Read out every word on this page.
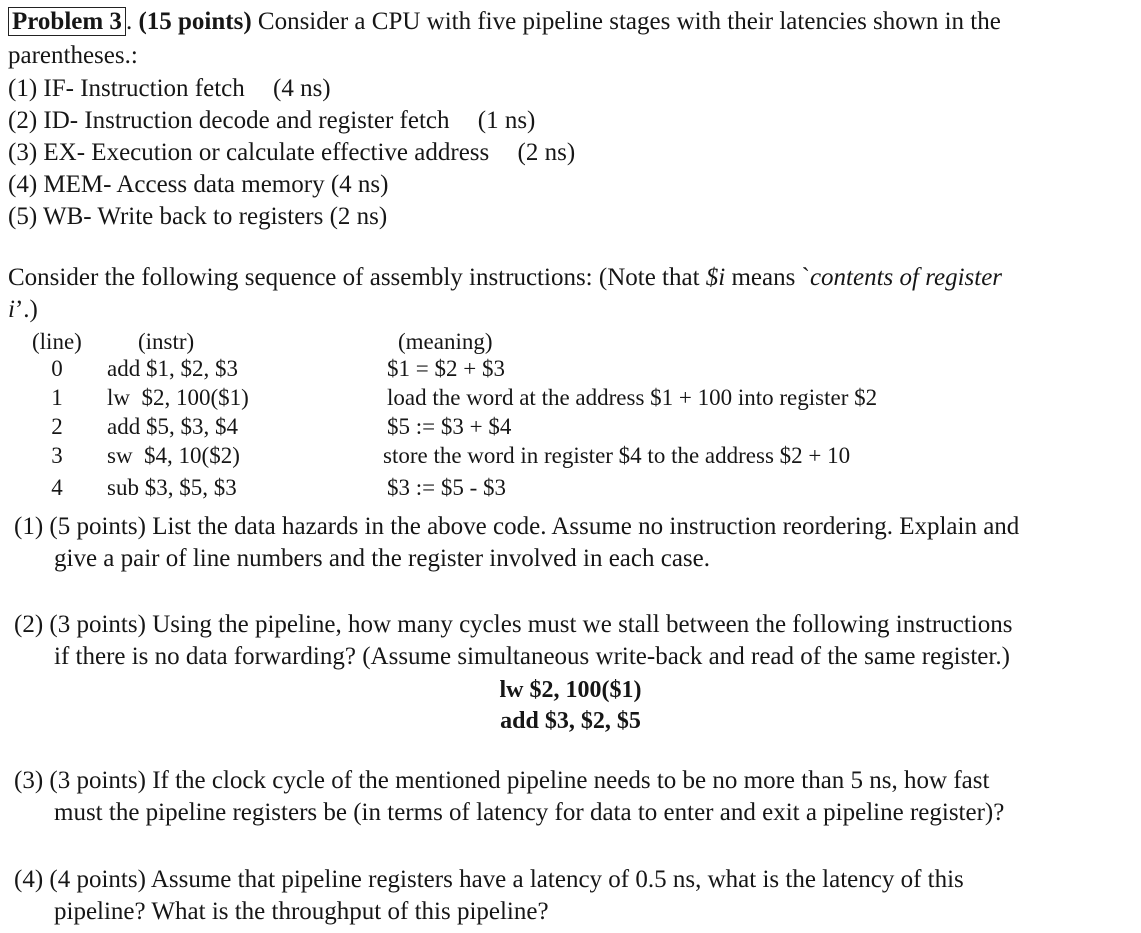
Problem 3 . (15 points) Consider a CPU with five pipeline stages with their latencies shown in the
parentheses.:
(1) IF- Instruction fetch (4 ns)
(2) ID- Instruction decode and register fetch (1 ns)
(3) EX- Execution or calculate effective address (2 ns)
(4) MEM- Access data memory (4 ns)
(5) WB- Write back to registers (2 ns)
Consider the following sequence of assembly instructions: (Note that $i means `contents of register
i’.)
(line) (instr)	(meaning)
0	add $1, $2, $3	$1 = $2 + $3
1	lw  $2, 100($1)	load the word at the address $1 + 100 into register $2
2	add $5, $3, $4	$5 := $3 + $4
3	sw  $4, 10($2)	store the word in register $4 to the address $2 + 10
4	sub $3, $5, $3	$3 := $5 - $3
(1) (5 points) List the data hazards in the above code. Assume no instruction reordering. Explain and
give a pair of line numbers and the register involved in each case.
(2) (3 points) Using the pipeline, how many cycles must we stall between the following instructions
if there is no data forwarding? (Assume simultaneous write-back and read of the same register.)
lw $2, 100($1)
add $3, $2, $5
(3) (3 points) If the clock cycle of the mentioned pipeline needs to be no more than 5 ns, how fast
must the pipeline registers be (in terms of latency for data to enter and exit a pipeline register)?
(4) (4 points) Assume that pipeline registers have a latency of 0.5 ns, what is the latency of this
pipeline? What is the throughput of this pipeline?
